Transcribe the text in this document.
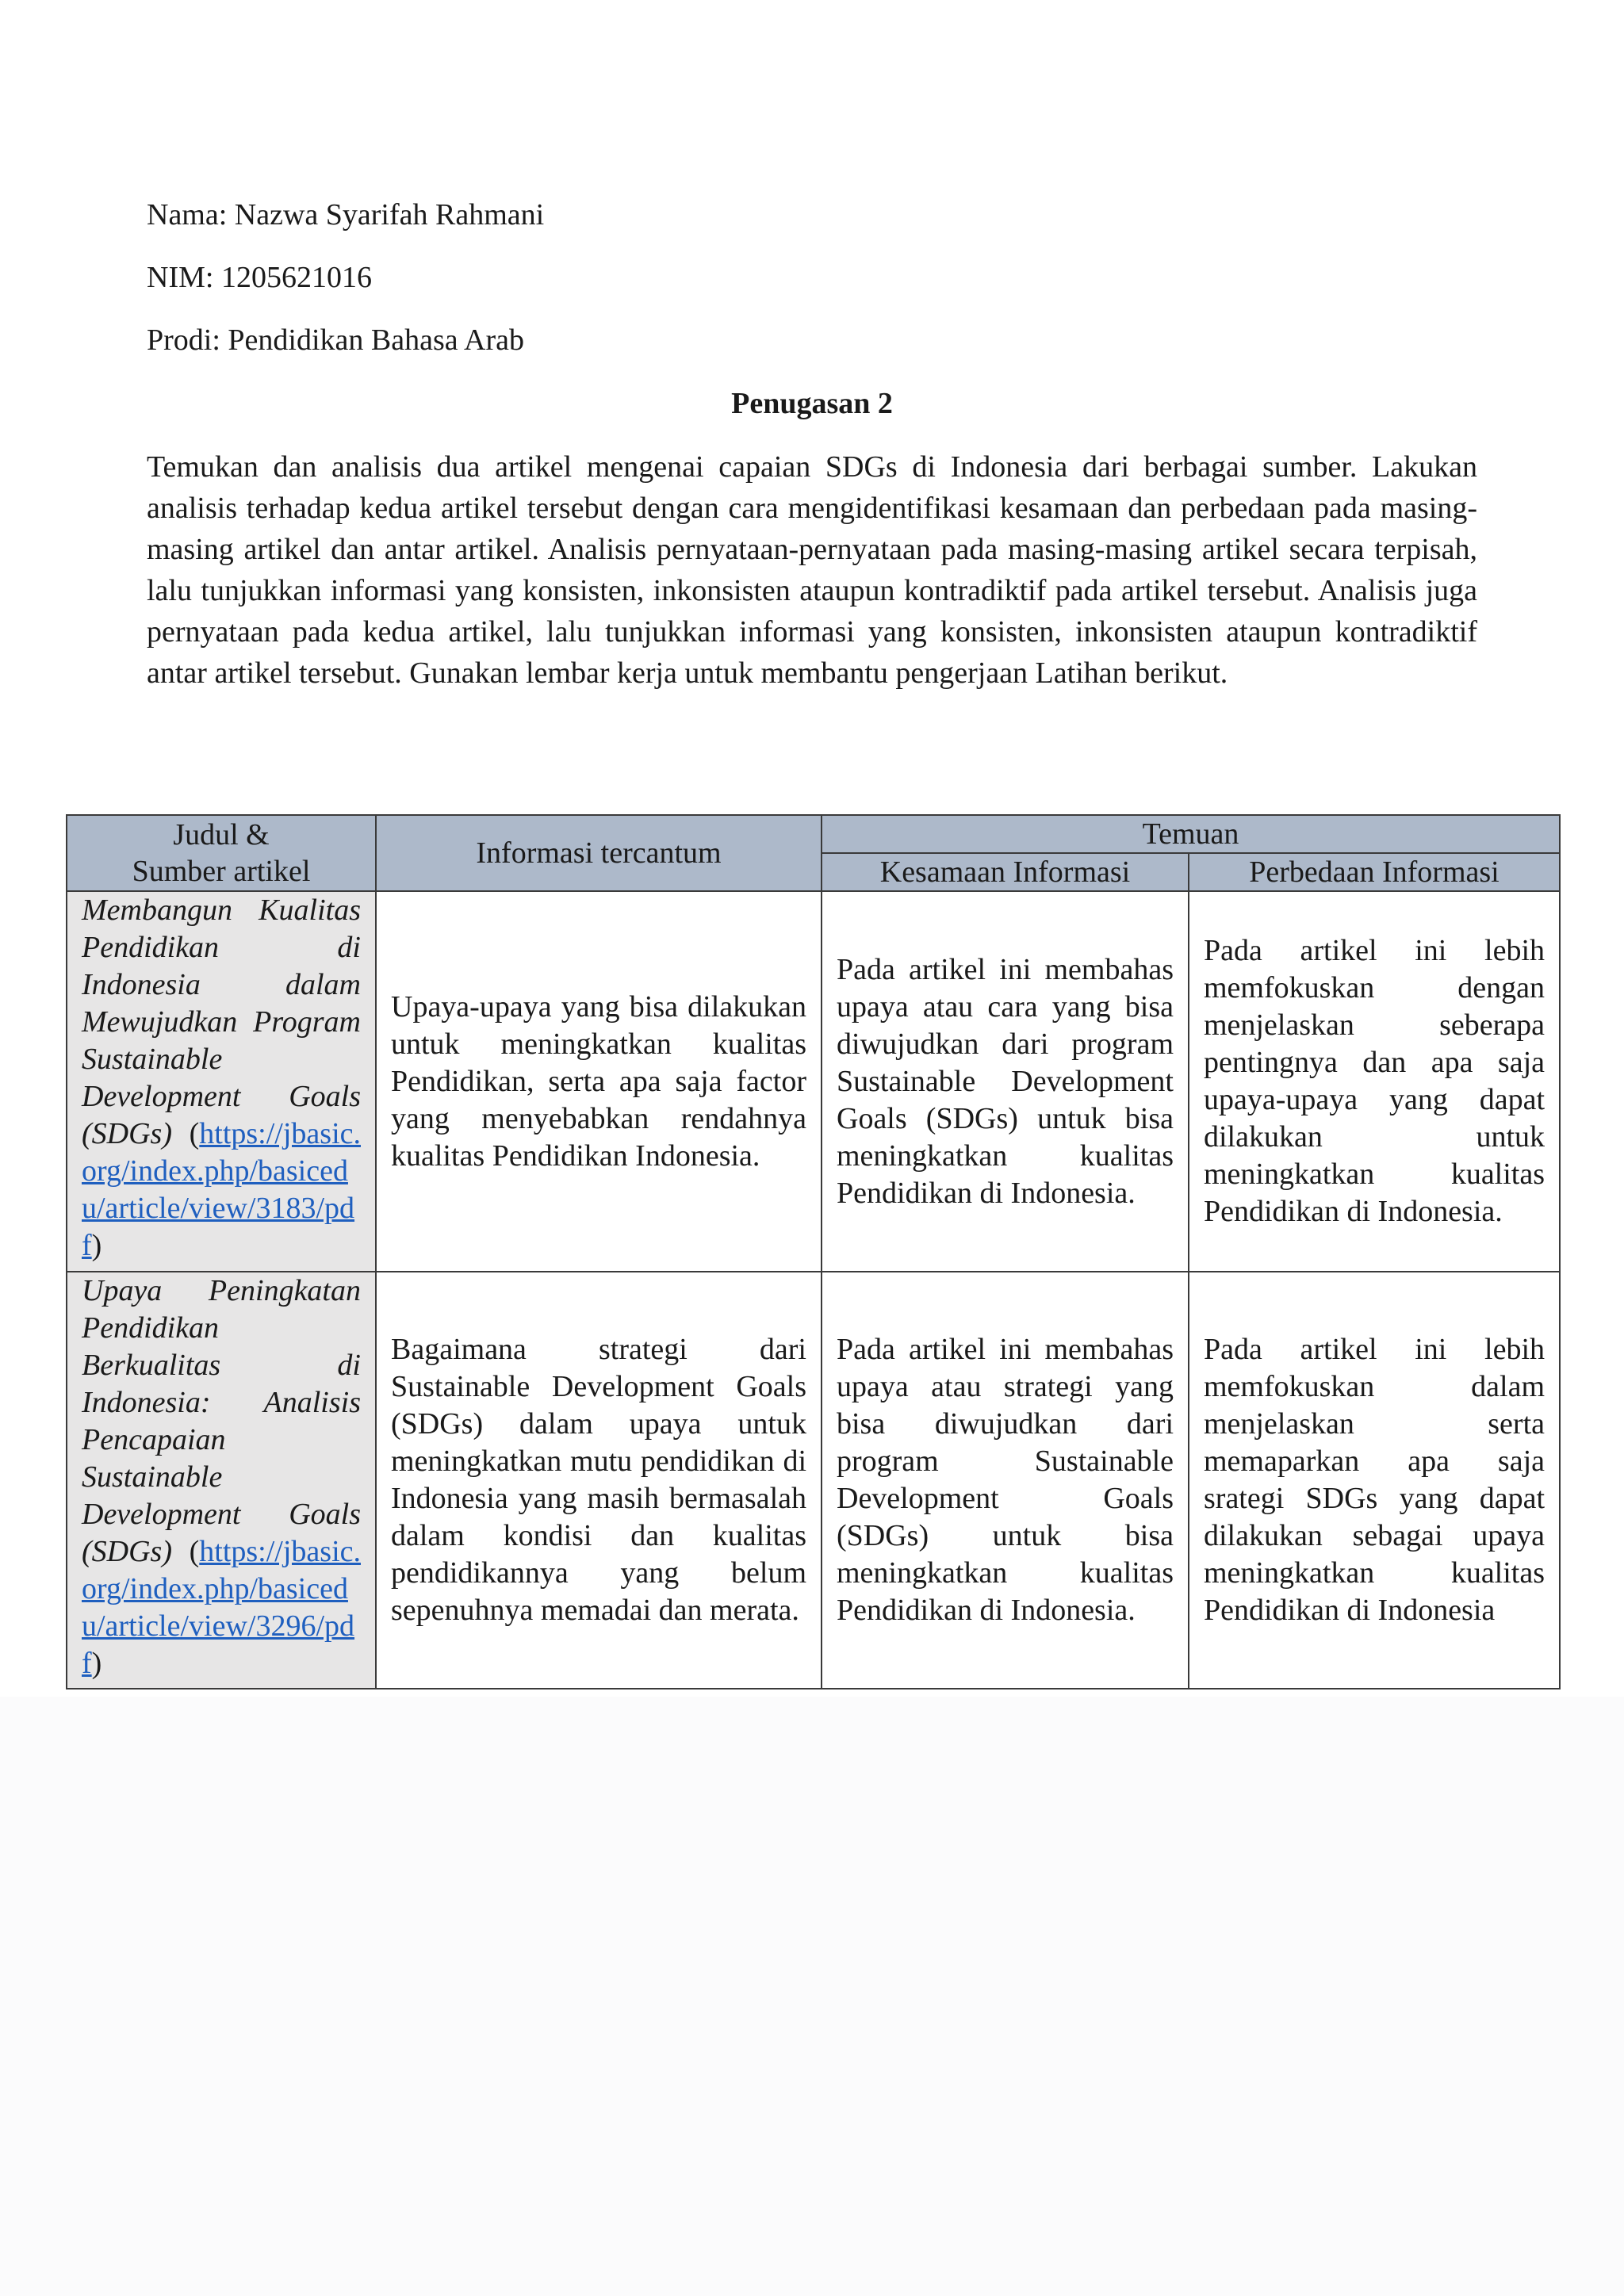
Nama: Nazwa Syarifah Rahmani
NIM: 1205621016
Prodi: Pendidikan Bahasa Arab
Penugasan 2

Temukan dan analisis dua artikel mengenai capaian SDGs di Indonesia dari berbagai sumber. Lakukan analisis terhadap kedua artikel tersebut dengan cara mengidentifikasi kesamaan dan perbedaan pada masing-masing artikel dan antar artikel. Analisis pernyataan-pernyataan pada masing-masing artikel secara terpisah, lalu tunjukkan informasi yang konsisten, inkonsisten ataupun kontradiktif pada artikel tersebut. Analisis juga pernyataan pada kedua artikel, lalu tunjukkan informasi yang konsisten, inkonsisten ataupun kontradiktif antar artikel tersebut. Gunakan lembar kerja untuk membantu pengerjaan Latihan berikut.

Judul &
Sumber artikel	Informasi tercantum	Temuan	
		Kesamaan Informasi	Perbedaan Informasi
Membangun Kualitas Pendidikan di Indonesia dalam Mewujudkan Program Sustainable Development Goals (SDGs) (https://jbasic.org/index.php/basicedu/article/view/3183/pdf)	Upaya-upaya yang bisa dilakukan untuk meningkatkan kualitas Pendidikan, serta apa saja factor yang menyebabkan rendahnya kualitas Pendidikan Indonesia.	Pada artikel ini membahas upaya atau cara yang bisa diwujudkan dari program Sustainable Development Goals (SDGs) untuk bisa meningkatkan kualitas Pendidikan di Indonesia.	Pada artikel ini lebih memfokuskan dengan menjelaskan seberapa pentingnya dan apa saja upaya-upaya yang dapat dilakukan untuk meningkatkan kualitas Pendidikan di Indonesia.
Upaya Peningkatan Pendidikan Berkualitas di Indonesia: Analisis Pencapaian Sustainable Development Goals (SDGs) (https://jbasic.org/index.php/basicedu/article/view/3296/pdf)	Bagaimana strategi dari Sustainable Development Goals (SDGs) dalam upaya untuk meningkatkan mutu pendidikan di Indonesia yang masih bermasalah dalam kondisi dan kualitas pendidikannya yang belum sepenuhnya memadai dan merata.	Pada artikel ini membahas upaya atau strategi yang bisa diwujudkan dari program Sustainable Development Goals (SDGs) untuk bisa meningkatkan kualitas Pendidikan di Indonesia.	Pada artikel ini lebih memfokuskan dalam menjelaskan serta memaparkan apa saja srategi SDGs yang dapat dilakukan sebagai upaya meningkatkan kualitas Pendidikan di Indonesia
